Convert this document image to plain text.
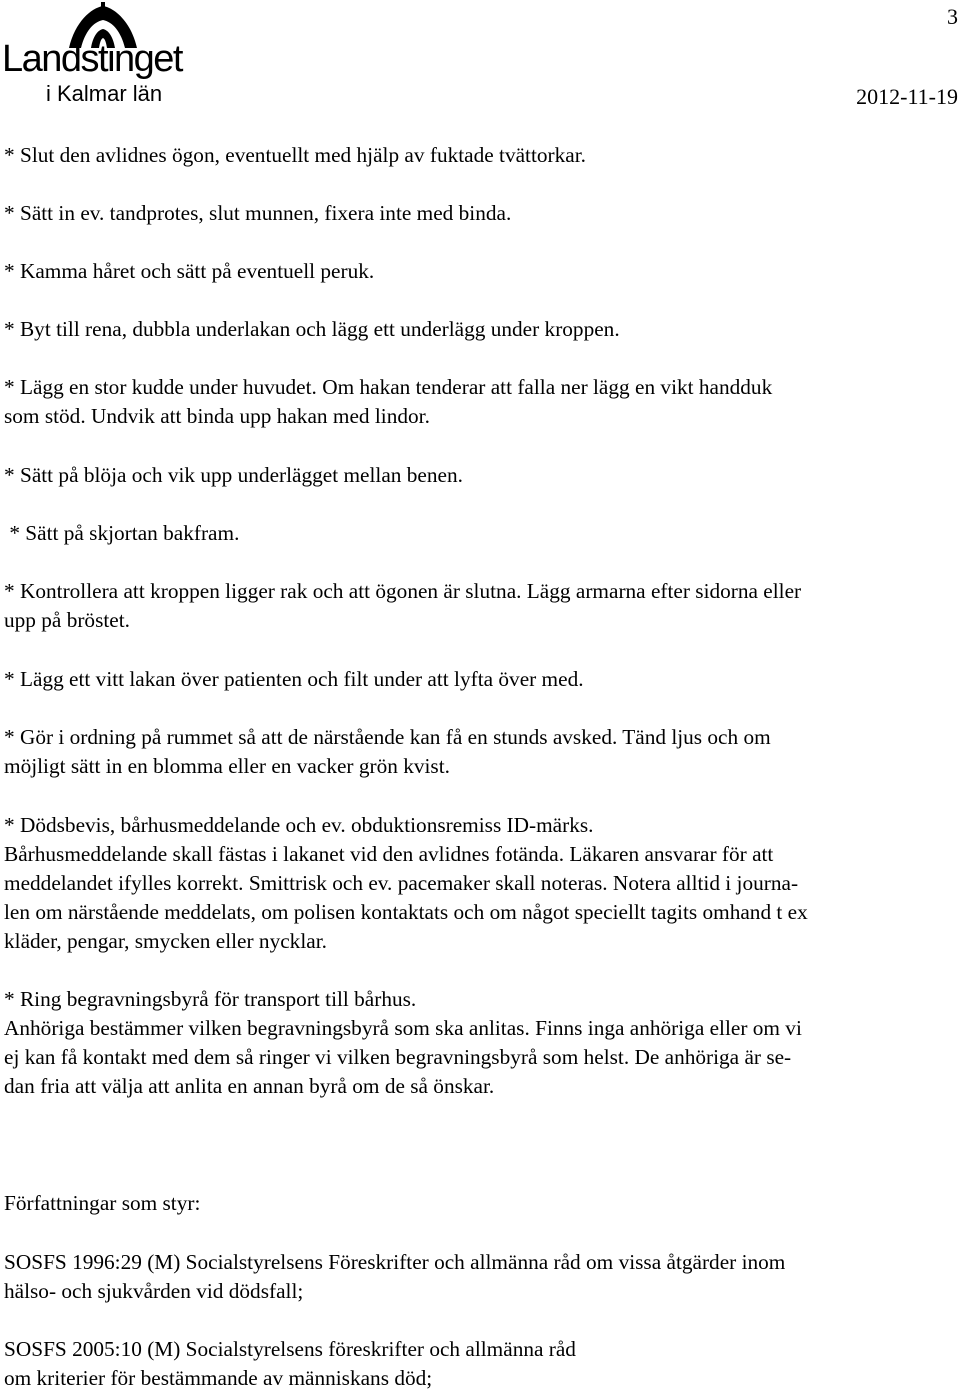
Landstinget
i Kalmar län
3
2012-11-19
* Slut den avlidnes ögon, eventuellt med hjälp av fuktade tvättorkar.
* Sätt in ev. tandprotes, slut munnen, fixera inte med binda.
* Kamma håret och sätt på eventuell peruk.
* Byt till rena, dubbla underlakan och lägg ett underlägg under kroppen.
* Lägg en stor kudde under huvudet. Om hakan tenderar att falla ner lägg en vikt handduk
som stöd. Undvik att binda upp hakan med lindor.
* Sätt på blöja och vik upp underlägget mellan benen.
* Sätt på skjortan bakfram.
* Kontrollera att kroppen ligger rak och att ögonen är slutna. Lägg armarna efter sidorna eller
upp på bröstet.
* Lägg ett vitt lakan över patienten och filt under att lyfta över med.
* Gör i ordning på rummet så att de närstående kan få en stunds avsked. Tänd ljus och om
möjligt sätt in en blomma eller en vacker grön kvist.
* Dödsbevis, bårhusmeddelande och ev. obduktionsremiss ID-märks.
Bårhusmeddelande skall fästas i lakanet vid den avlidnes fotända. Läkaren ansvarar för att
meddelandet ifylles korrekt. Smittrisk och ev. pacemaker skall noteras. Notera alltid i journa-
len om närstående meddelats, om polisen kontaktats och om något speciellt tagits omhand t ex
kläder, pengar, smycken eller nycklar.
* Ring begravningsbyrå för transport till bårhus.
Anhöriga bestämmer vilken begravningsbyrå som ska anlitas. Finns inga anhöriga eller om vi
ej kan få kontakt med dem så ringer vi vilken begravningsbyrå som helst. De anhöriga är se-
dan fria att välja att anlita en annan byrå om de så önskar.
Författningar som styr:
SOSFS 1996:29 (M) Socialstyrelsens Föreskrifter och allmänna råd om vissa åtgärder inom
hälso- och sjukvården vid dödsfall;
SOSFS 2005:10 (M) Socialstyrelsens föreskrifter och allmänna råd
om kriterier för bestämmande av människans död;
